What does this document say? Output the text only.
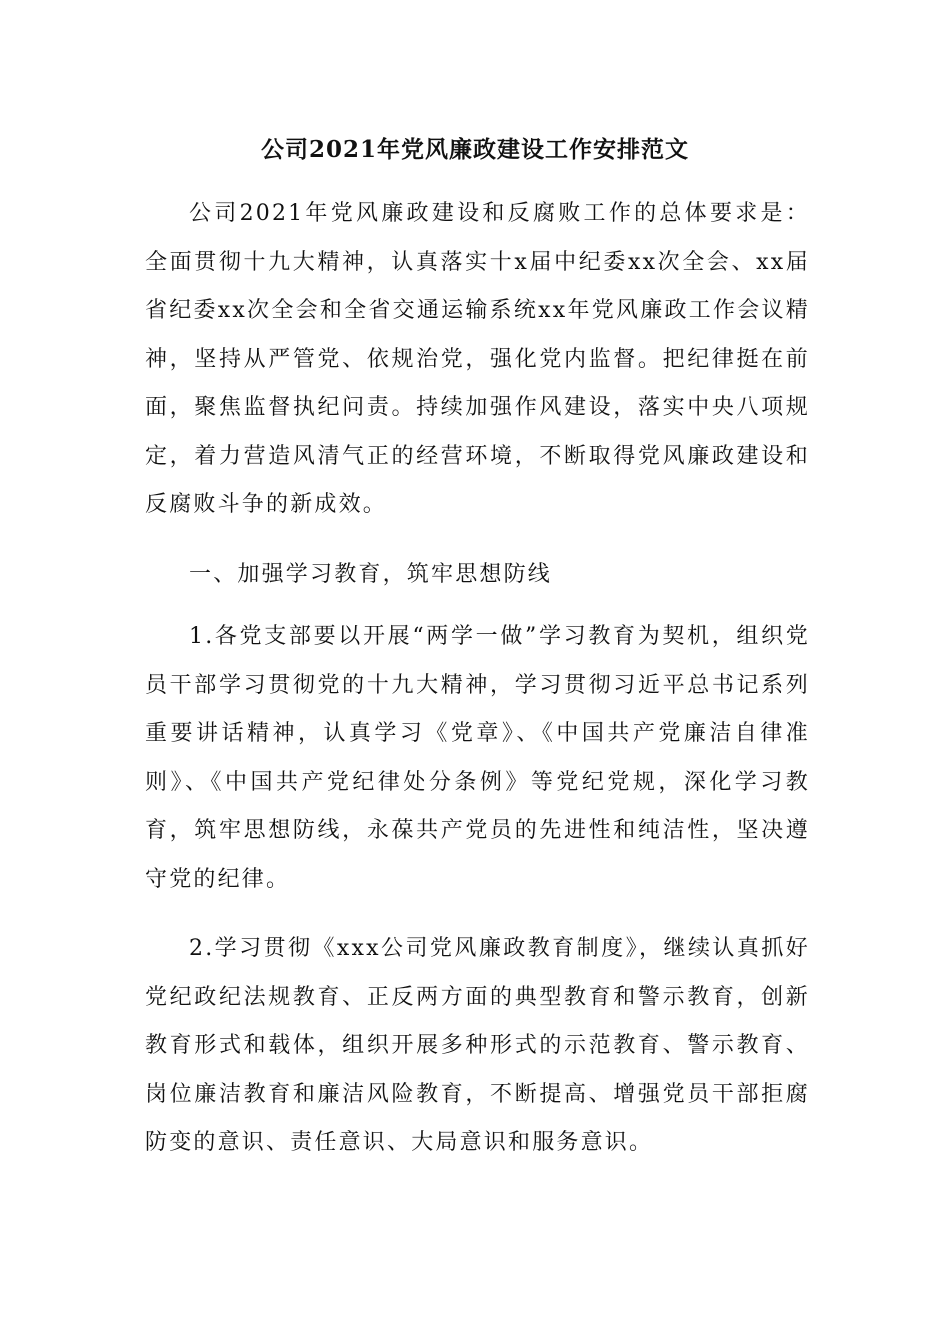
公司2021年党风廉政建设工作安排范文

公司2021年党风廉政建设和反腐败工作的总体要求是：全面贯彻十九大精神，认真落实十x届中纪委xx次全会、xx届省纪委xx次全会和全省交通运输系统xx年党风廉政工作会议精神，坚持从严管党、依规治党，强化党内监督。把纪律挺在前面，聚焦监督执纪问责。持续加强作风建设，落实中央八项规定，着力营造风清气正的经营环境，不断取得党风廉政建设和反腐败斗争的新成效。

一、加强学习教育，筑牢思想防线

1.各党支部要以开展“两学一做”学习教育为契机，组织党员干部学习贯彻党的十九大精神，学习贯彻习近平总书记系列重要讲话精神，认真学习《党章》、《中国共产党廉洁自律准则》、《中国共产党纪律处分条例》等党纪党规，深化学习教育，筑牢思想防线，永葆共产党员的先进性和纯洁性，坚决遵守党的纪律。

2.学习贯彻《xxx公司党风廉政教育制度》，继续认真抓好党纪政纪法规教育、正反两方面的典型教育和警示教育，创新教育形式和载体，组织开展多种形式的示范教育、警示教育、岗位廉洁教育和廉洁风险教育，不断提高、增强党员干部拒腐防变的意识、责任意识、大局意识和服务意识。
